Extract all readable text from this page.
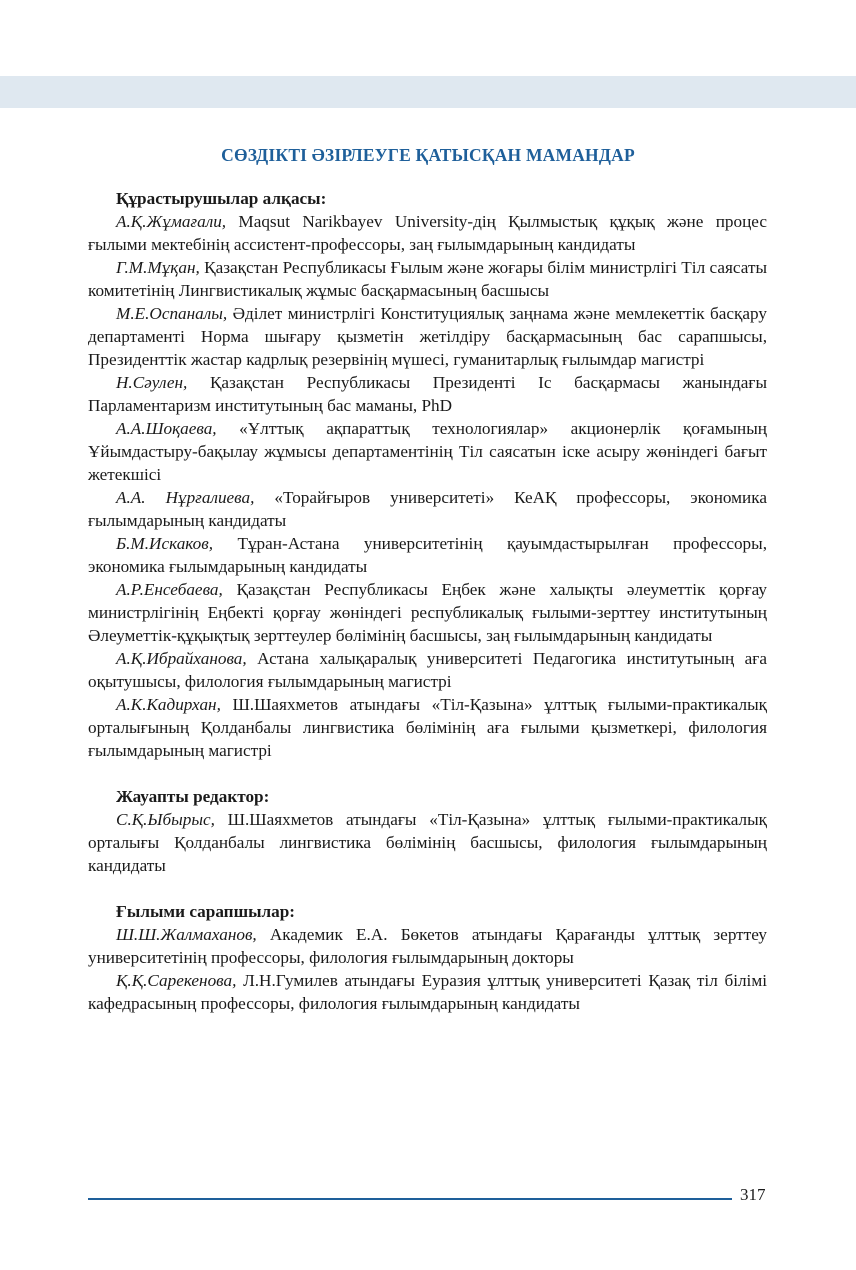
СӨЗДІКТІ ӘЗІРЛЕУГЕ ҚАТЫСҚАН МАМАНДАР
Құрастырушылар алқасы:

А.Қ.Жұмағали, Maqsut Narikbayev University-дің Қылмыстық құқық және процес ғылыми мектебінің ассистент-профессоры, заң ғылымдарының кандидаты

Г.М.Мұқан, Қазақстан Республикасы Ғылым және жоғары білім министрлігі Тіл саясаты комитетінің Лингвистикалық жұмыс басқармасының басшысы

М.Е.Оспаналы, Әділет министрлігі Конституциялық заңнама және мемлекеттік басқару департаменті Норма шығару қызметін жетілдіру басқармасының бас сарапшысы, Президенттік жастар кадрлық резервінің мүшесі, гуманитарлық ғылымдар магистрі

Н.Сәулен, Қазақстан Республикасы Президенті Іс басқармасы жанындағы Парламентаризм институтының бас маманы, PhD

А.А.Шоқаева, «Ұлттық ақпараттық технологиялар» акционерлік қоғамының Ұйымдастыру-бақылау жұмысы департаментінің Тіл саясатын іске асыру жөніндегі бағыт жетекшісі

А.А. Нұрғалиева, «Торайғыров университеті» КеАҚ профессоры, экономика ғылымдарының кандидаты

Б.М.Искаков, Тұран-Астана университетінің қауымдастырылған профессоры, экономика ғылымдарының кандидаты

А.Р.Енсебаева, Қазақстан Республикасы Еңбек және халықты әлеуметтік қорғау министрлігінің Еңбекті қорғау жөніндегі республикалық ғылыми-зерттеу институтының Әлеуметтік-құқықтық зерттеулер бөлімінің басшысы, заң ғылымдарының кандидаты

А.Қ.Ибрайханова, Астана халықаралық университеті Педагогика институтының аға оқытушысы, филология ғылымдарының магистрі

А.К.Кадирхан, Ш.Шаяхметов атындағы «Тіл-Қазына» ұлттық ғылыми-практикалық орталығының Қолданбалы лингвистика бөлімінің аға ғылыми қызметкері, филология ғылымдарының магистрі

Жауапты редактор:

С.Қ.Ыбырыс, Ш.Шаяхметов атындағы «Тіл-Қазына» ұлттық ғылыми-практикалық орталығы Қолданбалы лингвистика бөлімінің басшысы, филология ғылымдарының кандидаты

Ғылыми сарапшылар:

Ш.Ш.Жалмаханов, Академик Е.А. Бөкетов атындағы Қарағанды ұлттық зерттеу университетінің профессоры, филология ғылымдарының докторы

Қ.Қ.Сарекенова, Л.Н.Гумилев атындағы Еуразия ұлттық университеті Қазақ тіл білімі кафедрасының профессоры, филология ғылымдарының кандидаты

317
